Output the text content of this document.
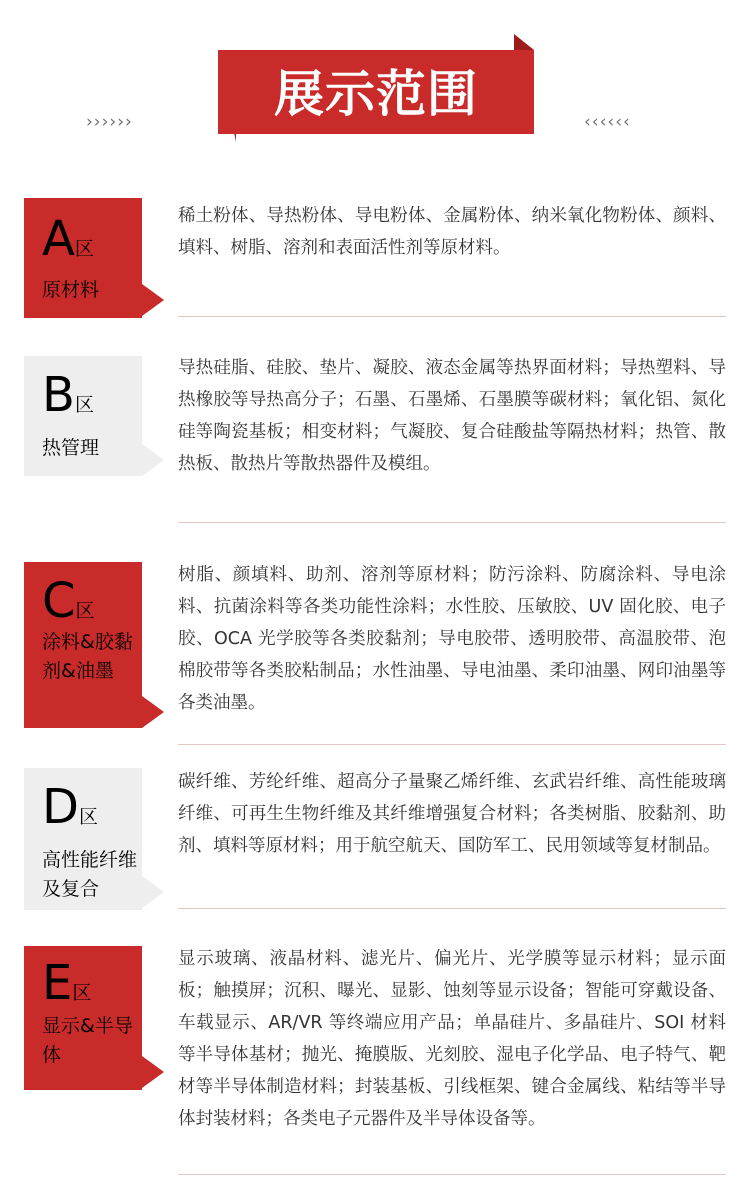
展示范围
››››››	‹‹‹‹‹‹
A区
原材料
稀土粉体、导热粉体、导电粉体、金属粉体、纳米氧化物粉体、颜料、填料、树脂、溶剂和表面活性剂等原材料。
B区
热管理
导热硅脂、硅胶、垫片、凝胶、液态金属等热界面材料；导热塑料、导热橡胶等导热高分子；石墨、石墨烯、石墨膜等碳材料；氧化铝、氮化硅等陶瓷基板；相变材料；气凝胶、复合硅酸盐等隔热材料；热管、散热板、散热片等散热器件及模组。
C区
涂料&胶黏剂&油墨
树脂、颜填料、助剂、溶剂等原材料；防污涂料、防腐涂料、导电涂料、抗菌涂料等各类功能性涂料；水性胶、压敏胶、UV 固化胶、电子胶、OCA 光学胶等各类胶黏剂；导电胶带、透明胶带、高温胶带、泡棉胶带等各类胶粘制品；水性油墨、导电油墨、柔印油墨、网印油墨等各类油墨。
D区
高性能纤维及复合
碳纤维、芳纶纤维、超高分子量聚乙烯纤维、玄武岩纤维、高性能玻璃纤维、可再生生物纤维及其纤维增强复合材料；各类树脂、胶黏剂、助剂、填料等原材料；用于航空航天、国防军工、民用领域等复材制品。
E区
显示&半导体
显示玻璃、液晶材料、滤光片、偏光片、光学膜等显示材料；显示面板；触摸屏；沉积、曝光、显影、蚀刻等显示设备；智能可穿戴设备、车载显示、AR/VR 等终端应用产品；单晶硅片、多晶硅片、SOI 材料等半导体基材；抛光、掩膜版、光刻胶、湿电子化学品、电子特气、靶材等半导体制造材料；封装基板、引线框架、键合金属线、粘结等半导体封装材料；各类电子元器件及半导体设备等。
